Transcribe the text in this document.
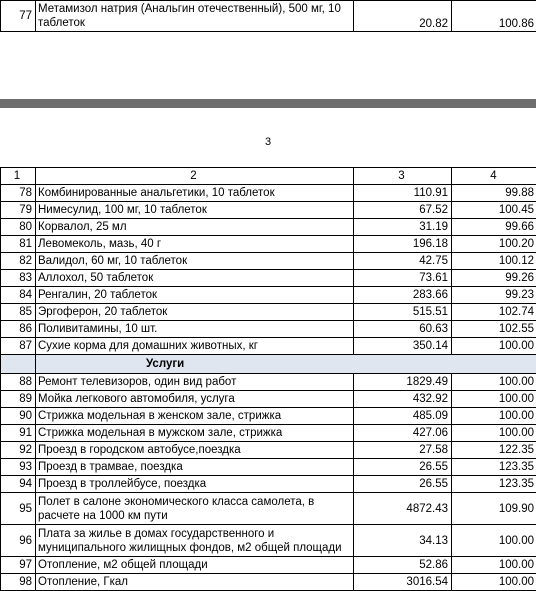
77	Метамизол натрия (Анальгин отечественный), 500 мг, 10 таблеток	20.82	100.86
3
1	2	3	4
78	Комбинированные анальгетики, 10 таблеток	110.91	99.88
79	Нимесулид, 100 мг, 10 таблеток	67.52	100.45
80	Корвалол, 25 мл	31.19	99.66
81	Левомеколь, мазь, 40 г	196.18	100.20
82	Валидол, 60 мг, 10 таблеток	42.75	100.12
83	Аллохол, 50 таблеток	73.61	99.26
84	Ренгалин, 20 таблеток	283.66	99.23
85	Эргоферон, 20 таблеток	515.51	102.74
86	Поливитамины, 10 шт.	60.63	102.55
87	Сухие корма для домашних животных, кг	350.14	100.00
	Услуги		
88	Ремонт телевизоров, один вид работ	1829.49	100.00
89	Мойка легкового автомобиля, услуга	432.92	100.00
90	Стрижка модельная в женском зале, стрижка	485.09	100.00
91	Стрижка модельная в мужском зале, стрижка	427.06	100.00
92	Проезд в городском автобусе,поездка	27.58	122.35
93	Проезд в трамвае, поездка	26.55	123.35
94	Проезд в троллейбусе, поездка	26.55	123.35
95	Полет в салоне экономического класса самолета, в расчете на 1000 км пути	4872.43	109.90
96	Плата за жилье в домах государственного и муниципального жилищных фондов, м2 общей площади	34.13	100.00
97	Отопление, м2 общей площади	52.86	100.00
98	Отопление, Гкал	3016.54	100.00
